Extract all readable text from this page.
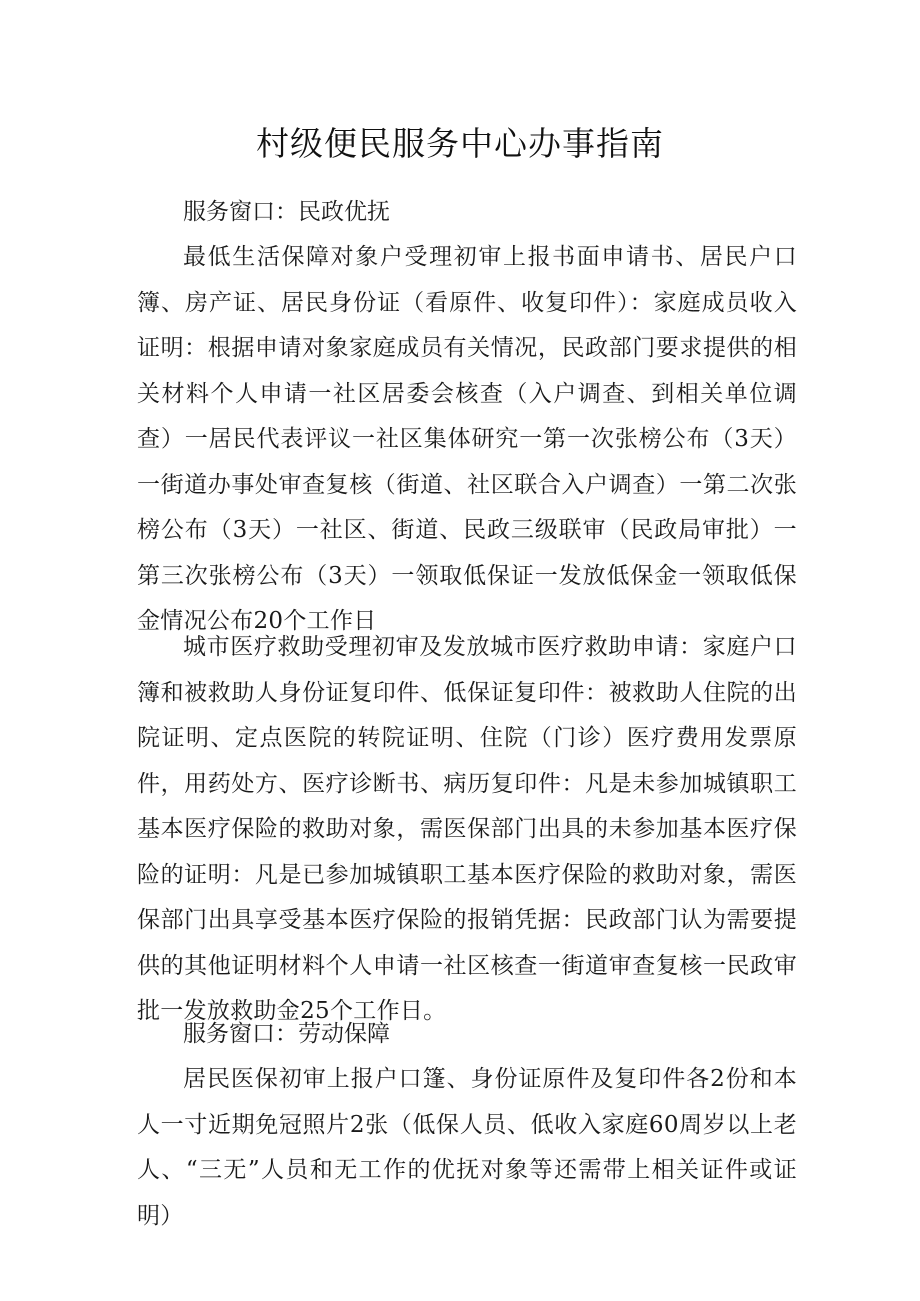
村级便民服务中心办事指南

服务窗口：民政优抚

最低生活保障对象户受理初审上报书面申请书、居民户口簿、房产证、居民身份证（看原件、收复印件）：家庭成员收入证明：根据申请对象家庭成员有关情况，民政部门要求提供的相关材料个人申请一社区居委会核查（入户调查、到相关单位调查）一居民代表评议一社区集体研究一第一次张榜公布（3天）一街道办事处审查复核（街道、社区联合入户调查）一第二次张榜公布（3天）一社区、街道、民政三级联审（民政局审批）一第三次张榜公布（3天）一领取低保证一发放低保金一领取低保金情况公布20个工作日

城市医疗救助受理初审及发放城市医疗救助申请：家庭户口簿和被救助人身份证复印件、低保证复印件：被救助人住院的出院证明、定点医院的转院证明、住院（门诊）医疗费用发票原件，用药处方、医疗诊断书、病历复印件：凡是未参加城镇职工基本医疗保险的救助对象，需医保部门出具的未参加基本医疗保险的证明：凡是已参加城镇职工基本医疗保险的救助对象，需医保部门出具享受基本医疗保险的报销凭据：民政部门认为需要提供的其他证明材料个人申请一社区核查一街道审查复核一民政审批一发放救助金25个工作日。

服务窗口：劳动保障

居民医保初审上报户口篷、身份证原件及复印件各2份和本人一寸近期免冠照片2张（低保人员、低收入家庭60周岁以上老人、“三无”人员和无工作的优抚对象等还需带上相关证件或证明）
